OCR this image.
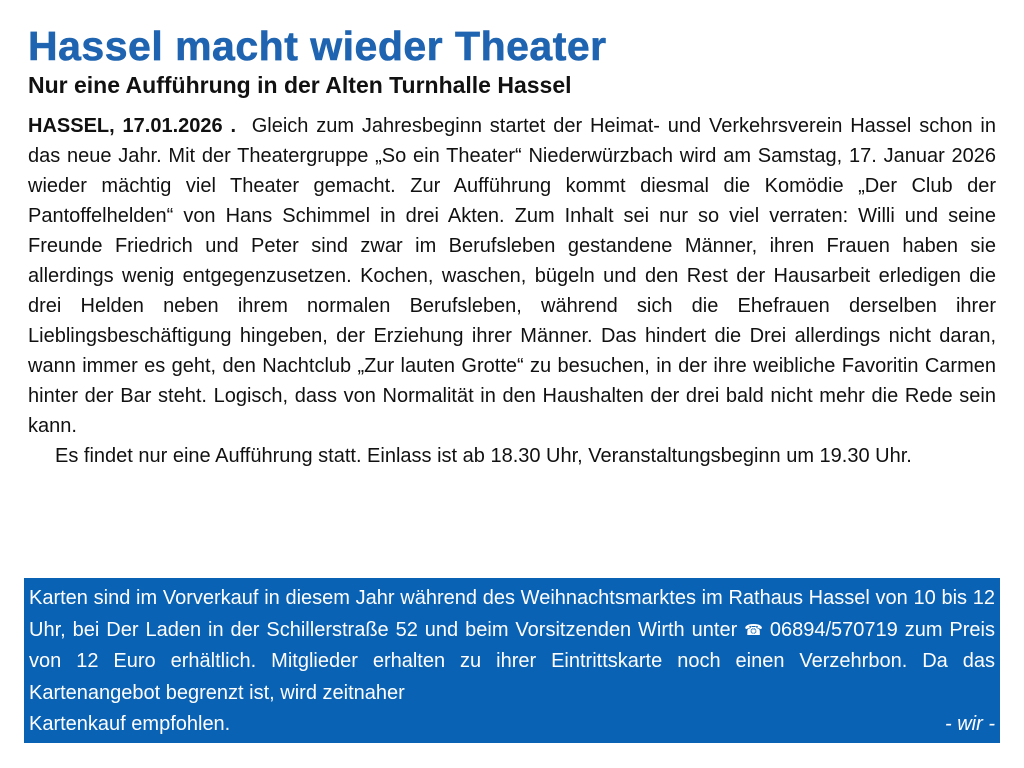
Hassel macht wieder Theater
Nur eine Aufführung in der Alten Turnhalle Hassel

HASSEL, 17.01.2026 . Gleich zum Jahresbeginn startet der Heimat- und Verkehrsverein Hassel schon in das neue Jahr. Mit der Theatergruppe „So ein Theater“ Niederwürzbach wird am Samstag, 17. Januar 2026 wieder mächtig viel Theater gemacht. Zur Aufführung kommt diesmal die Komödie „Der Club der Pantoffelhelden“ von Hans Schimmel in drei Akten. Zum Inhalt sei nur so viel verraten: Willi und seine Freunde Friedrich und Peter sind zwar im Berufsleben gestandene Männer, ihren Frauen haben sie allerdings wenig entgegenzusetzen. Kochen, waschen, bügeln und den Rest der Hausarbeit erledigen die drei Helden neben ihrem normalen Berufsleben, während sich die Ehefrauen derselben ihrer Lieblingsbeschäftigung hingeben, der Erziehung ihrer Männer. Das hindert die Drei allerdings nicht daran, wann immer es geht, den Nachtclub „Zur lauten Grotte“ zu besuchen, in der ihre weibliche Favoritin Carmen hinter der Bar steht. Logisch, dass von Normalität in den Haushalten der drei bald nicht mehr die Rede sein kann.

Es findet nur eine Aufführung statt. Einlass ist ab 18.30 Uhr, Veranstaltungsbeginn um 19.30 Uhr.

Karten sind im Vorverkauf in diesem Jahr während des Weihnachtsmarktes im Rathaus Hassel von 10 bis 12 Uhr, bei Der Laden in der Schillerstraße 52 und beim Vorsitzenden Wirth unter ☎ 06894/570719 zum Preis von 12 Euro erhältlich. Mitglieder erhalten zu ihrer Eintrittskarte noch einen Verzehrbon. Da das Kartenangebot begrenzt ist, wird zeitnaher

Kartenkauf empfohlen.	- wir -
